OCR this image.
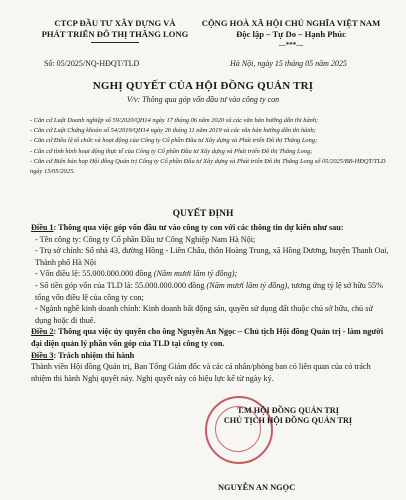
CTCP ĐẦU TƯ XÂY DỰNG VÀ
PHÁT TRIỂN ĐÔ THỊ THĂNG LONG
CỘNG HOÀ XÃ HỘI CHỦ NGHĨA VIỆT NAM
Độc lập – Tự Do – Hạnh Phúc
---***---
Số: 05/2025/NQ-HĐQT/TLD	Hà Nội, ngày 15 tháng 05 năm 2025
NGHỊ QUYẾT CỦA HỘI ĐỒNG QUẢN TRỊ
V/v: Thông qua góp vốn đầu tư vào công ty con
- Căn cứ Luật Doanh nghiệp số 59/2020/QH14 ngày 17 tháng 06 năm 2020 và các văn bản hướng dẫn thi hành;
- Căn cứ Luật Chứng khoán số 54/2019/QH14 ngày 26 tháng 11 năm 2019 và các văn bản hướng dẫn thi hành;
- Căn cứ Điều lệ tổ chức và hoạt động của Công ty Cổ phần Đầu tư Xây dựng và Phát triển Đô thị Thăng Long;
- Căn cứ tình hình hoạt động thực tế của Công ty Cổ phần Đầu tư Xây dựng và Phát triển Đô thị Thăng Long;
- Căn cứ Biên bản họp Hội đồng Quản trị Công ty Cổ phần Đầu tư Xây dựng và Phát triển Đô thị Thăng Long số 05/2025/BB-HĐQT/TLD ngày 15/05/2025.
QUYẾT ĐỊNH

Điều 1: Thông qua việc góp vốn đầu tư vào công ty con với các thông tin dự kiến như sau:

- Tên công ty: Công ty Cổ phần Đầu tư Công Nghiệp Nam Hà Nội;

- Trụ sở chính: Số nhà 43, đường Hồng - Liên Châu, thôn Hoàng Trung, xã Hồng Dương, huyện Thanh Oai, Thành phố Hà Nội

- Vốn điều lệ: 55.000.000.000 đồng (Năm mươi lăm tỷ đồng);

- Số tiền góp vốn của TLD là: 55.000.000.000 đồng (Năm mươi lăm tỷ đồng), tương ứng tỷ lệ sở hữu 55% tổng vốn điều lệ của công ty con;

- Ngành nghề kinh doanh chính: Kinh doanh bất động sản, quyền sử dụng đất thuộc chủ sở hữu, chủ sử dụng hoặc đi thuê.

Điều 2: Thông qua việc ủy quyền cho ông Nguyễn An Ngọc – Chủ tịch Hội đồng Quản trị - làm người đại diện quản lý phần vốn góp của TLD tại công ty con.

Điều 3: Trách nhiệm thi hành

Thành viên Hội đồng Quản trị, Ban Tổng Giám đốc và các cá nhân/phòng ban có liên quan của có trách nhiệm thi hành Nghị quyết này. Nghị quyết này có hiệu lực kể từ ngày ký.

T.M HỘI ĐỒNG QUẢN TRỊ
CHỦ TỊCH HỘI ĐỒNG QUẢN TRỊ
NGUYỄN AN NGỌC
